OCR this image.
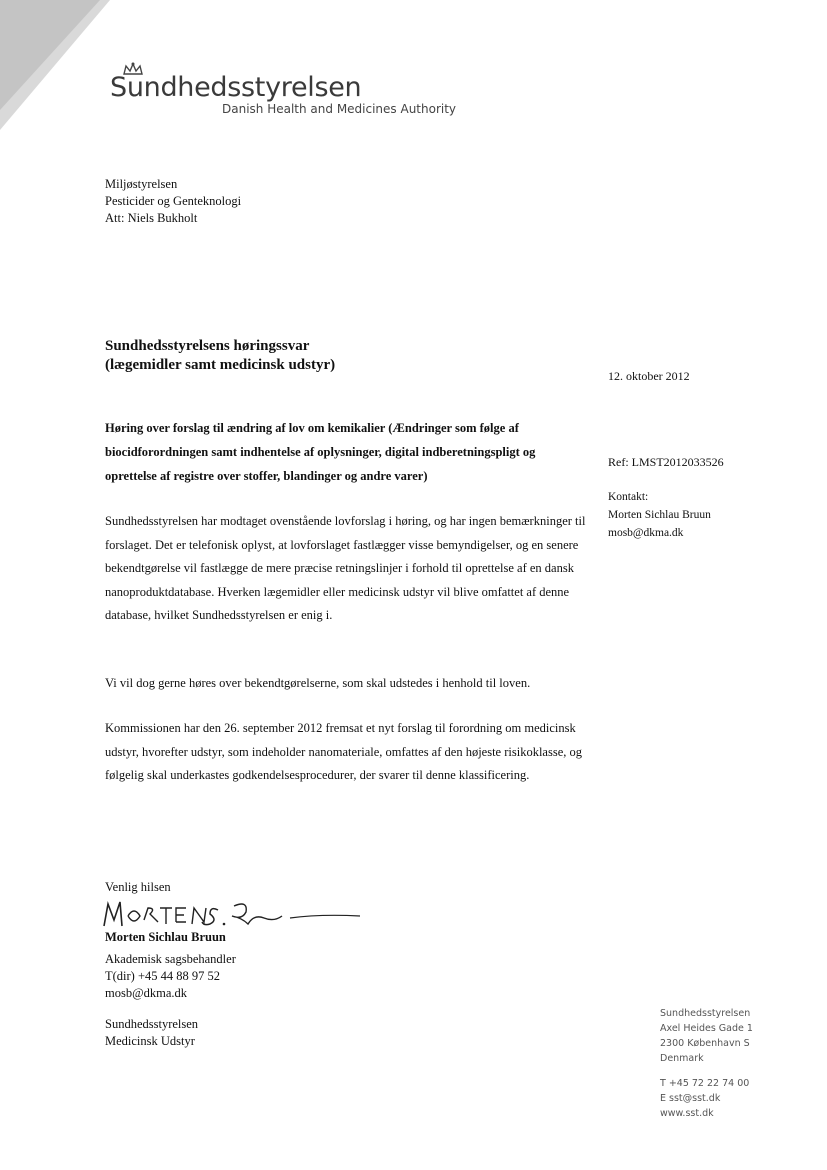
Sundhedsstyrelsen
Danish Health and Medicines Authority
Miljøstyrelsen
Pesticider og Genteknologi
Att: Niels Bukholt
Sundhedsstyrelsens høringssvar
(lægemidler samt medicinsk udstyr)
12. oktober 2012
Høring over forslag til ændring af lov om kemikalier (Ændringer som følge af biocidforordningen samt indhentelse af oplysninger, digital indberetningspligt og oprettelse af registre over stoffer, blandinger og andre varer)
Ref: LMST2012033526
Kontakt:
Morten Sichlau Bruun
mosb@dkma.dk

Sundhedsstyrelsen har modtaget ovenstående lovforslag i høring, og har ingen bemærkninger til forslaget. Det er telefonisk oplyst, at lovforslaget fastlægger visse bemyndigelser, og en senere bekendtgørelse vil fastlægge de mere præcise retningslinjer i forhold til oprettelse af en dansk nanoproduktdatabase. Hverken lægemidler eller medicinsk udstyr vil blive omfattet af denne database, hvilket Sundhedsstyrelsen er enig i.

Vi vil dog gerne høres over bekendtgørelserne, som skal udstedes i henhold til loven.

Kommissionen har den 26. september 2012 fremsat et nyt forslag til forordning om medicinsk udstyr, hvorefter udstyr, som indeholder nanomateriale, omfattes af den højeste risikoklasse, og følgelig skal underkastes godkendelsesprocedurer, der svarer til denne klassificering.

Venlig hilsen
Morten Sichlau Bruun
Akademisk sagsbehandler
T(dir) +45 44 88 97 52
mosb@dkma.dk
Sundhedsstyrelsen
Medicinsk Udstyr
Sundhedsstyrelsen
Axel Heides Gade 1
2300 København S
Denmark
T +45 72 22 74 00
E sst@sst.dk
www.sst.dk
